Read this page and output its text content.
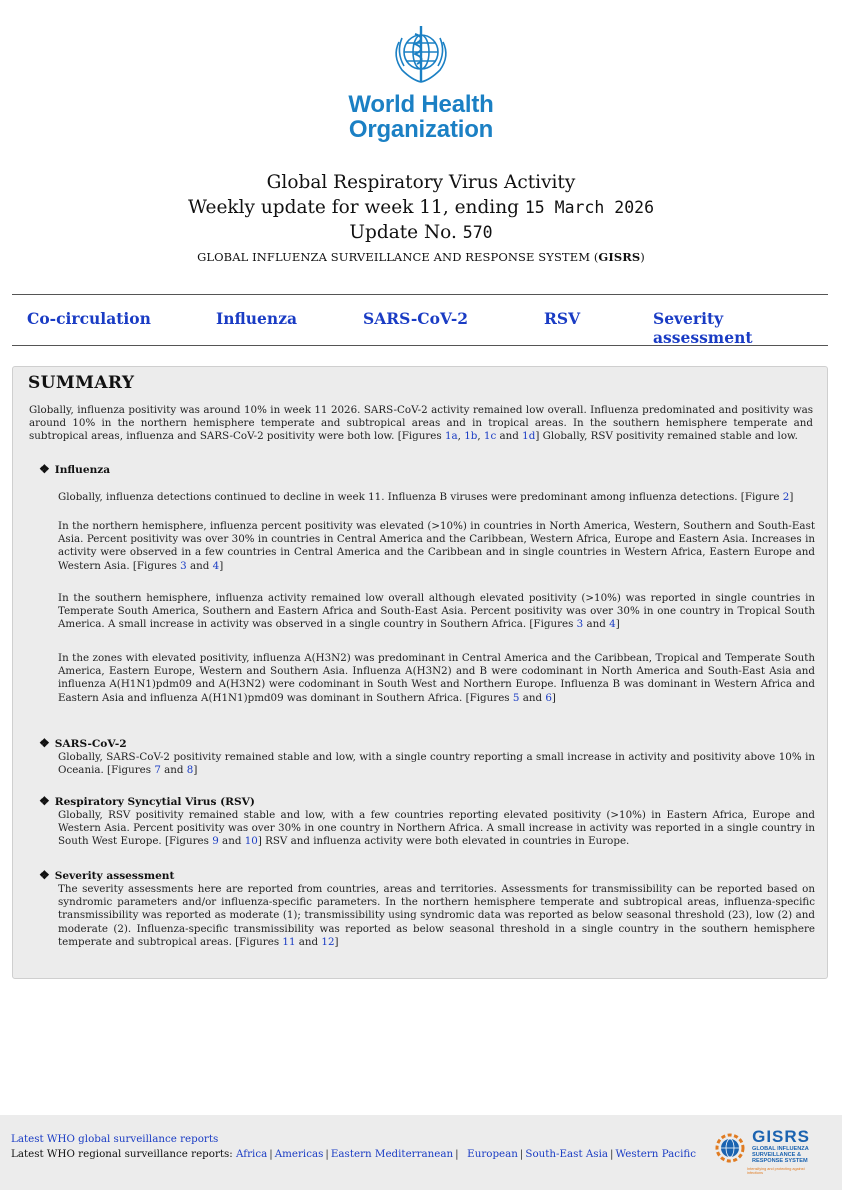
World Health
Organization
Global Respiratory Virus Activity
Weekly update for week 11, ending 15 March 2026
Update No. 570
GLOBAL INFLUENZA SURVEILLANCE AND RESPONSE SYSTEM (GISRS)
Co-circulation	Influenza	SARS-CoV-2	RSV	Severity assessment
SUMMARY
Globally, influenza positivity was around 10% in week 11 2026. SARS-CoV-2 activity remained low overall. Influenza predominated and positivity was around 10% in the northern hemisphere temperate and subtropical areas and in tropical areas. In the southern hemisphere temperate and subtropical areas, influenza and SARS-CoV-2 positivity were both low. [Figures 1a, 1b, 1c and 1d] Globally, RSV positivity remained stable and low.
❖ Influenza
Globally, influenza detections continued to decline in week 11. Influenza B viruses were predominant among influenza detections. [Figure 2]
In the northern hemisphere, influenza percent positivity was elevated (>10%) in countries in North America, Western, Southern and South-East Asia. Percent positivity was over 30% in countries in Central America and the Caribbean, Western Africa, Europe and Eastern Asia. Increases in activity were observed in a few countries in Central America and the Caribbean and in single countries in Western Africa, Eastern Europe and Western Asia. [Figures 3 and 4]
In the southern hemisphere, influenza activity remained low overall although elevated positivity (>10%) was reported in single countries in Temperate South America, Southern and Eastern Africa and South-East Asia. Percent positivity was over 30% in one country in Tropical South America. A small increase in activity was observed in a single country in Southern Africa. [Figures 3 and 4]
In the zones with elevated positivity, influenza A(H3N2) was predominant in Central America and the Caribbean, Tropical and Temperate South America, Eastern Europe, Western and Southern Asia. Influenza A(H3N2) and B were codominant in North America and South-East Asia and influenza A(H1N1)pdm09 and A(H3N2) were codominant in South West and Northern Europe. Influenza B was dominant in Western Africa and Eastern Asia and influenza A(H1N1)pmd09 was dominant in Southern Africa. [Figures 5 and 6]
❖ SARS-CoV-2
Globally, SARS-CoV-2 positivity remained stable and low, with a single country reporting a small increase in activity and positivity above 10% in Oceania. [Figures 7 and 8]
❖ Respiratory Syncytial Virus (RSV)
Globally, RSV positivity remained stable and low, with a few countries reporting elevated positivity (>10%) in Eastern Africa, Europe and Western Asia. Percent positivity was over 30% in one country in Northern Africa. A small increase in activity was reported in a single country in South West Europe. [Figures 9 and 10] RSV and influenza activity were both elevated in countries in Europe.
❖ Severity assessment
The severity assessments here are reported from countries, areas and territories. Assessments for transmissibility can be reported based on syndromic parameters and/or influenza-specific parameters. In the northern hemisphere temperate and subtropical areas, influenza-specific transmissibility was reported as moderate (1); transmissibility using syndromic data was reported as below seasonal threshold (23), low (2) and moderate (2). Influenza-specific transmissibility was reported as below seasonal threshold in a single country in the southern hemisphere temperate and subtropical areas. [Figures 11 and 12]
Latest WHO global surveillance reports
Latest WHO regional surveillance reports: Africa | Americas | Eastern Mediterranean | European | South-East Asia | Western Pacific
GISRS
GLOBAL INFLUENZA SURVEILLANCE & RESPONSE SYSTEM
Intensifying and protecting against infections
